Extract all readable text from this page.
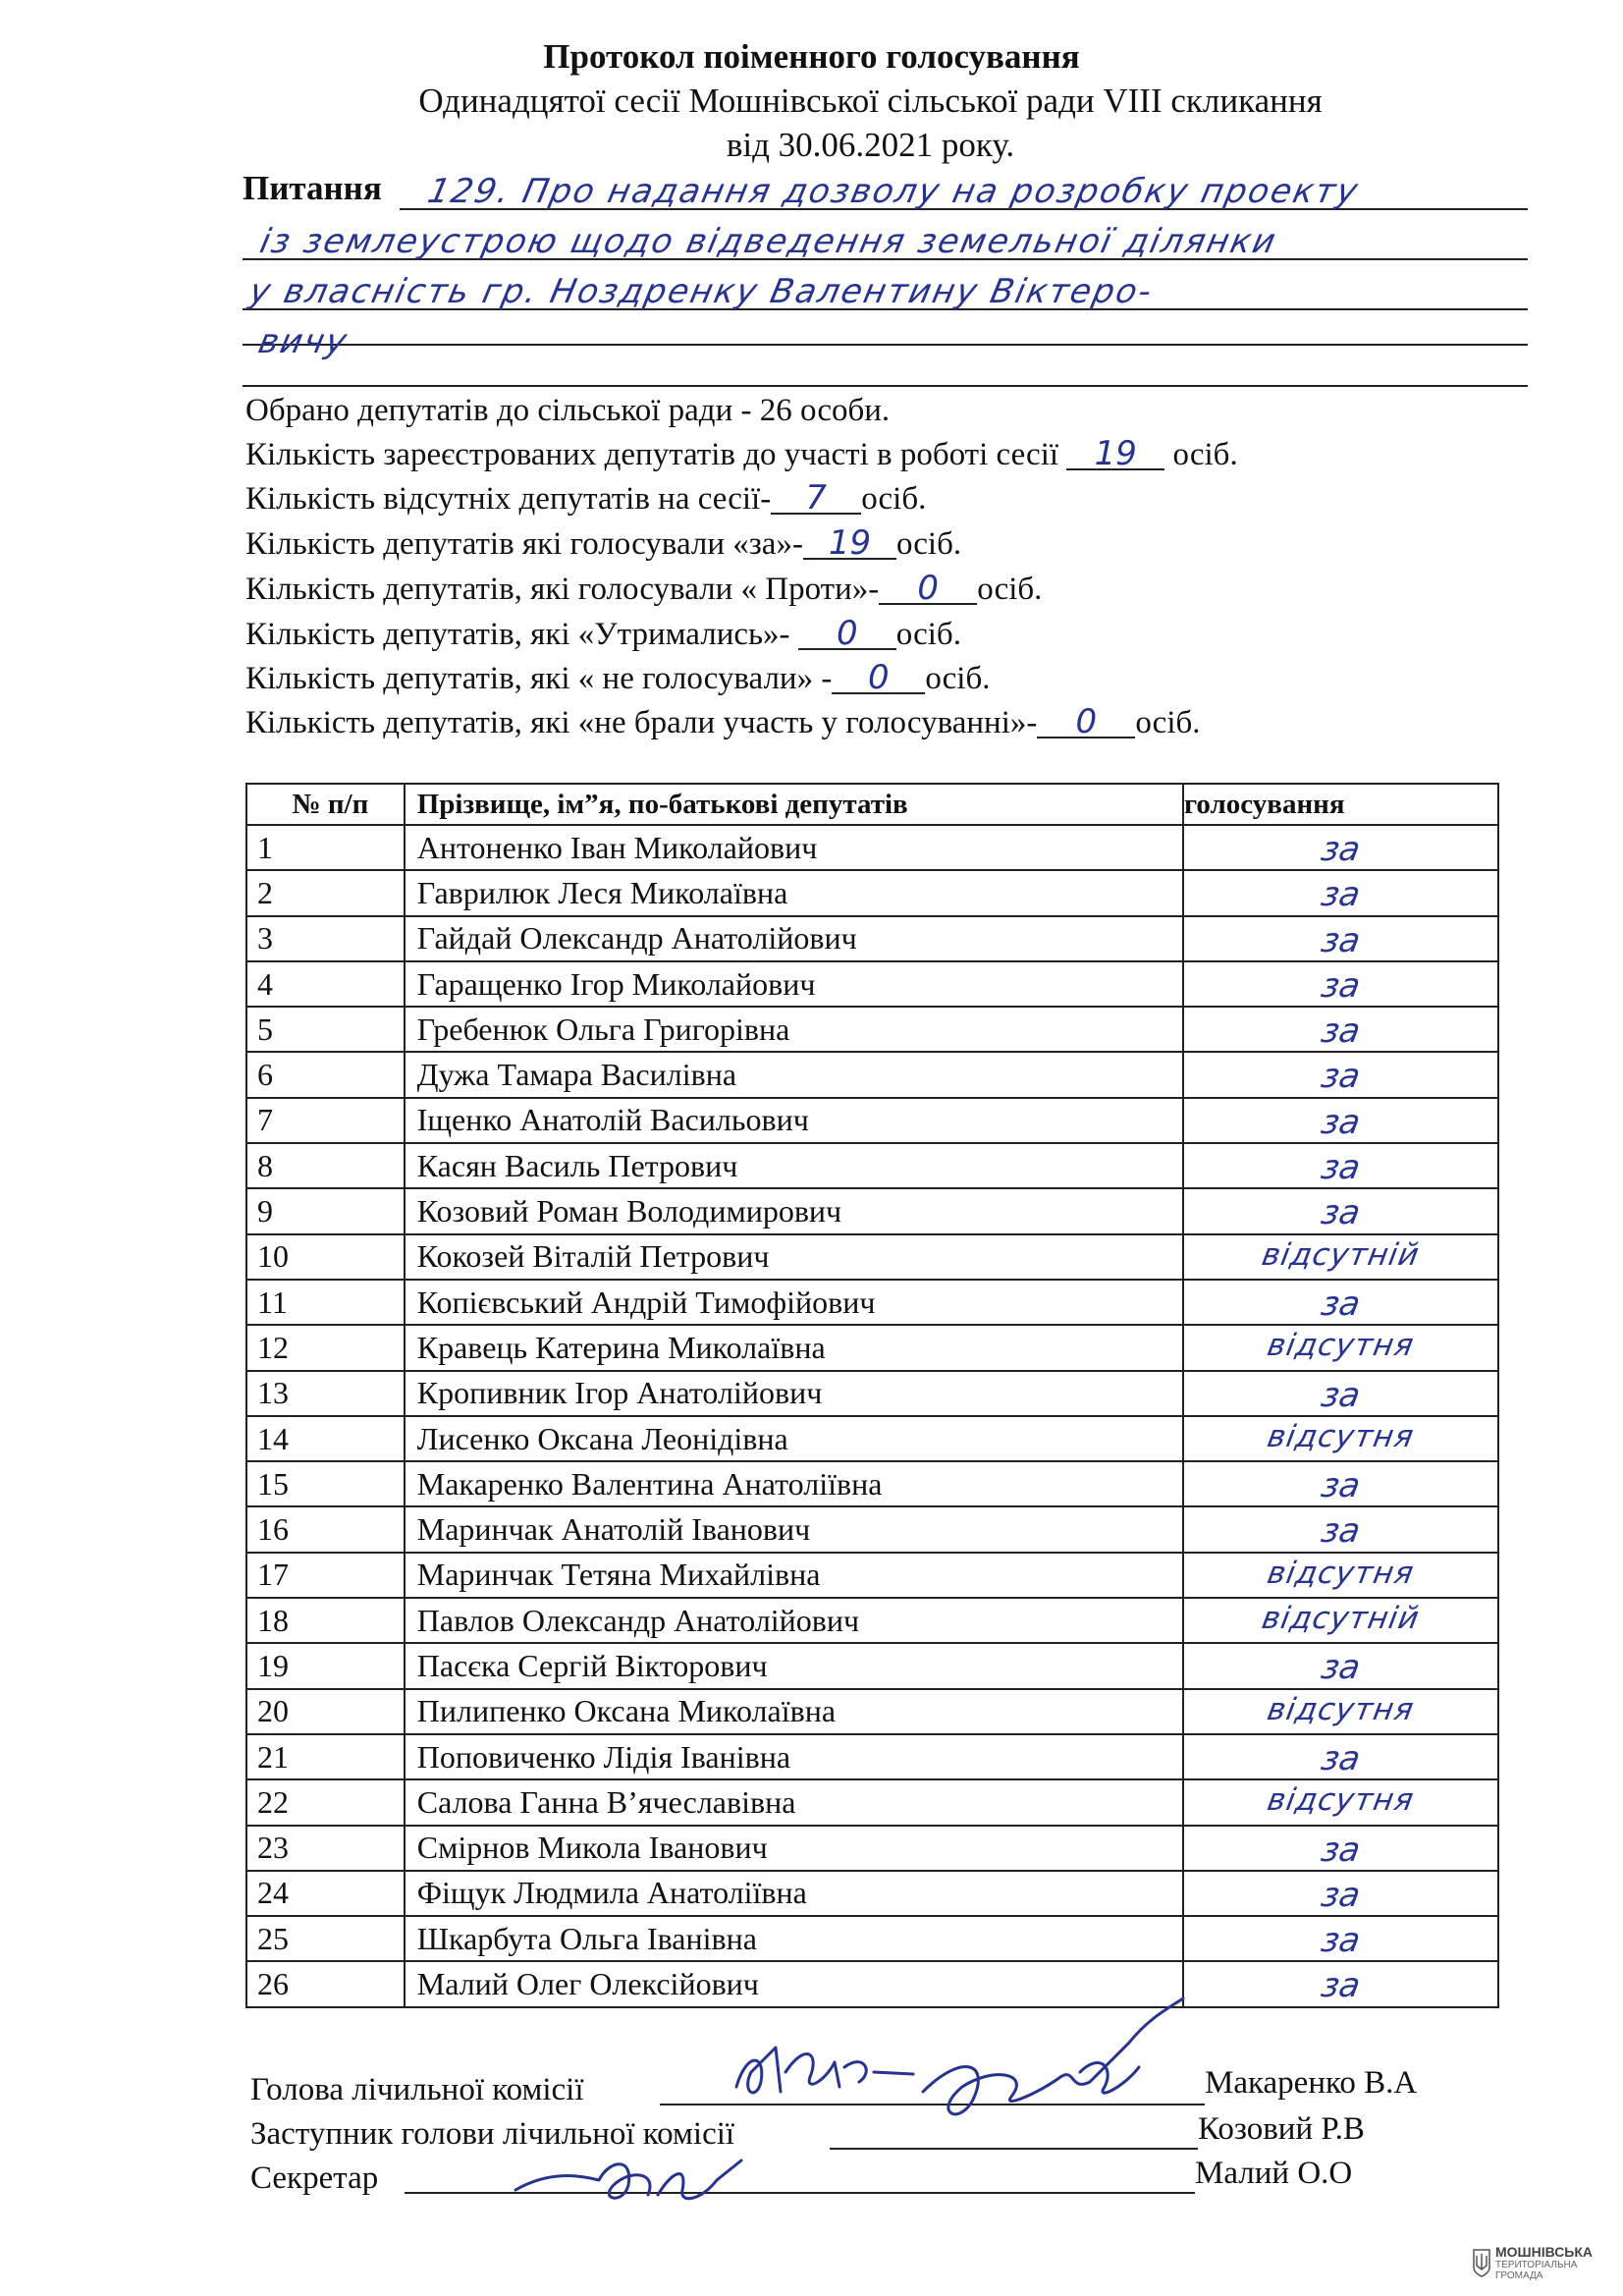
Протокол поіменного голосування
Одинадцятої сесії Мошнівської сільської ради VIII скликання
від 30.06.2021 року.
Питання 129. Про надання дозволу на розробку проекту
із землеустрою щодо відведення земельної ділянки
у власність гр. Ноздренку Валентину Віктеро-
вичу
Обрано депутатів до сільської ради - 26 особи.
Кількість зареєстрованих депутатів до участі в роботі сесії 19 осіб.
Кількість відсутніх депутатів на сесії- 7 осіб.
Кількість депутатів які голосували «за»- 19 осіб.
Кількість депутатів, які голосували « Проти»- 0 осіб.
Кількість депутатів, які «Утримались»- 0 осіб.
Кількість депутатів, які « не голосували» - 0 осіб.
Кількість депутатів, які «не брали участь у голосуванні»- 0 осіб.
№ п/п	Прізвище, ім”я, по-батькові депутатів	голосування
1	Антоненко Іван Миколайович	за

2	Гаврилюк Леся Миколаївна	за

3	Гайдай Олександр Анатолійович	за

4	Гаращенко Ігор Миколайович	за

5	Гребенюк Ольга Григорівна	за

6	Дужа Тамара Василівна	за

7	Іщенко Анатолій Васильович	за

8	Касян Василь Петрович	за

9	Козовий Роман Володимирович	за

10	Кокозей Віталій Петрович	відсутній

11	Копієвський Андрій Тимофійович	за

12	Кравець Катерина Миколаївна	відсутня

13	Кропивник Ігор Анатолійович	за

14	Лисенко Оксана Леонідівна	відсутня

15	Макаренко Валентина Анатоліївна	за

16	Маринчак Анатолій Іванович	за

17	Маринчак Тетяна Михайлівна	відсутня

18	Павлов Олександр Анатолійович	відсутній

19	Пасєка Сергій Вікторович	за

20	Пилипенко Оксана Миколаївна	відсутня

21	Поповиченко Лідія Іванівна	за

22	Салова Ганна В’ячеславівна	відсутня

23	Смірнов Микола Іванович	за

24	Фіщук Людмила Анатоліївна	за

25	Шкарбута Ольга Іванівна	за

26	Малий Олег Олексійович	за
Голова лічильної комісії	Макаренко В.А
Заступник голови лічильної комісії	Козовий Р.В
Секретар	Малий О.О
МОШНІВСЬКА
ТЕРИТОРІАЛЬНА
ГРОМАДА
